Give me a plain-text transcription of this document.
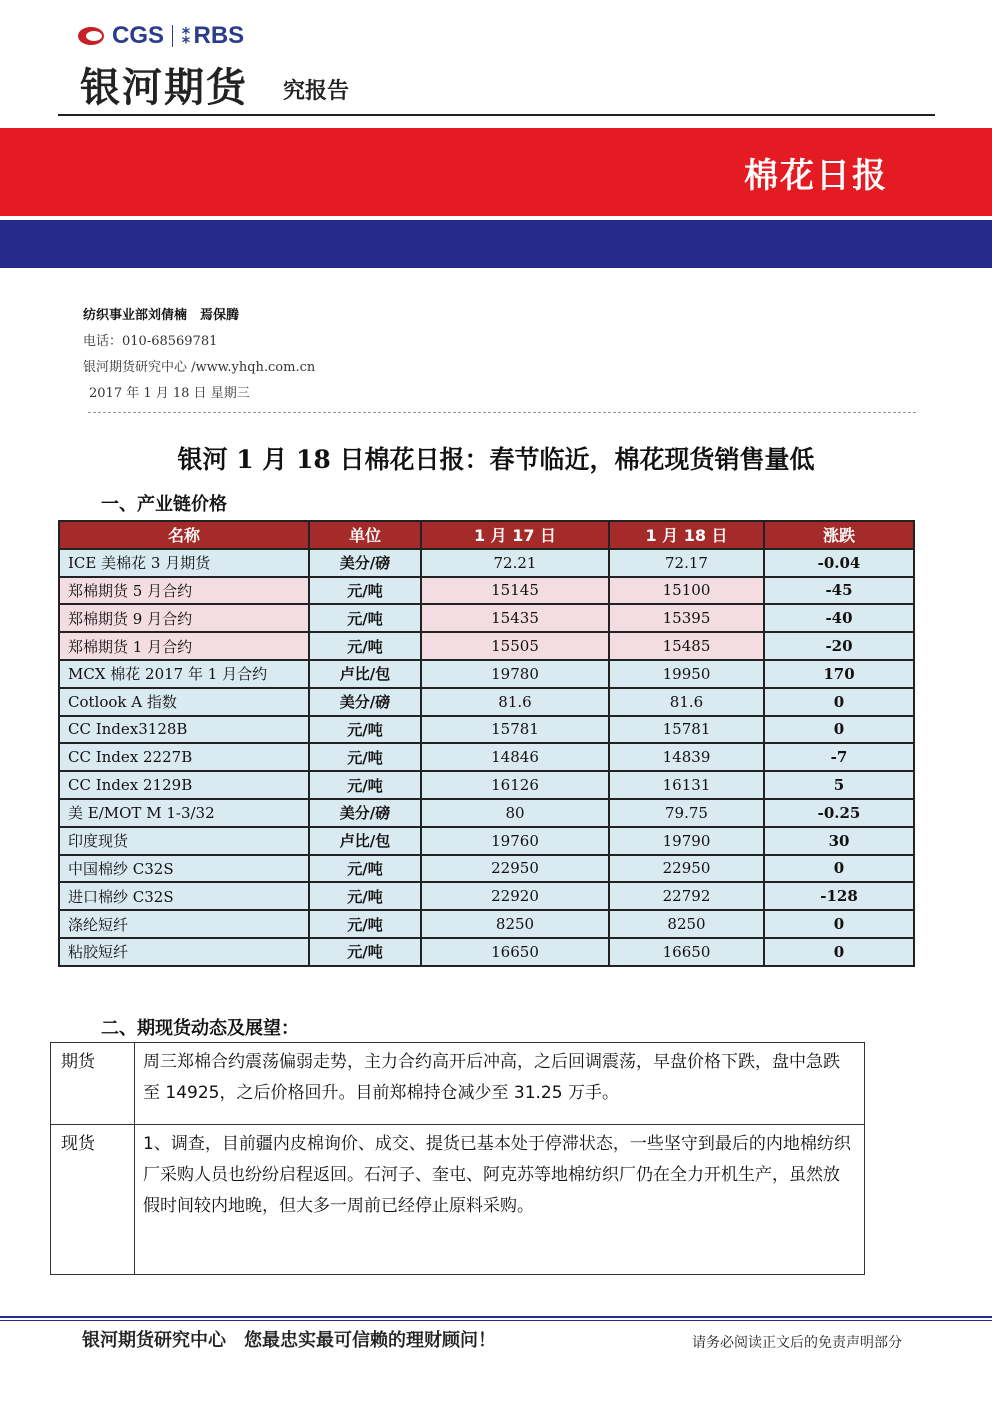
CGS ⁑ RBS
银河期货 究报告
棉花日报
纺织事业部刘倩楠　焉保腾
电话：010-68569781
银河期货研究中心 /www.yhqh.com.cn
2017 年 1 月 18 日 星期三
银河 1 月 18 日棉花日报：春节临近，棉花现货销售量低
一、产业链价格
名称	单位	1 月 17 日	1 月 18 日	涨跌
ICE 美棉花 3 月期货	美分/磅	72.21	72.17	-0.04
郑棉期货 5 月合约	元/吨	15145	15100	-45
郑棉期货 9 月合约	元/吨	15435	15395	-40
郑棉期货 1 月合约	元/吨	15505	15485	-20
MCX 棉花 2017 年 1 月合约	卢比/包	19780	19950	170
Cotlook A 指数	美分/磅	81.6	81.6	0
CC Index3128B	元/吨	15781	15781	0
CC Index 2227B	元/吨	14846	14839	-7
CC Index 2129B	元/吨	16126	16131	5
美 E/MOT M 1-3/32	美分/磅	80	79.75	-0.25
印度现货	卢比/包	19760	19790	30
中国棉纱 C32S	元/吨	22950	22950	0
进口棉纱 C32S	元/吨	22920	22792	-128
涤纶短纤	元/吨	8250	8250	0
粘胶短纤	元/吨	16650	16650	0
二、期现货动态及展望：
期货	周三郑棉合约震荡偏弱走势，主力合约高开后冲高，之后回调震荡，早盘价格下跌，盘中急跌至 14925，之后价格回升。目前郑棉持仓减少至 31.25 万手。
现货	1、调查，目前疆内皮棉询价、成交、提货已基本处于停滞状态，一些坚守到最后的内地棉纺织厂采购人员也纷纷启程返回。石河子、奎屯、阿克苏等地棉纺织厂仍在全力开机生产，虽然放假时间较内地晚，但大多一周前已经停止原料采购。
银河期货研究中心　您最忠实最可信赖的理财顾问！	请务必阅读正文后的免责声明部分
